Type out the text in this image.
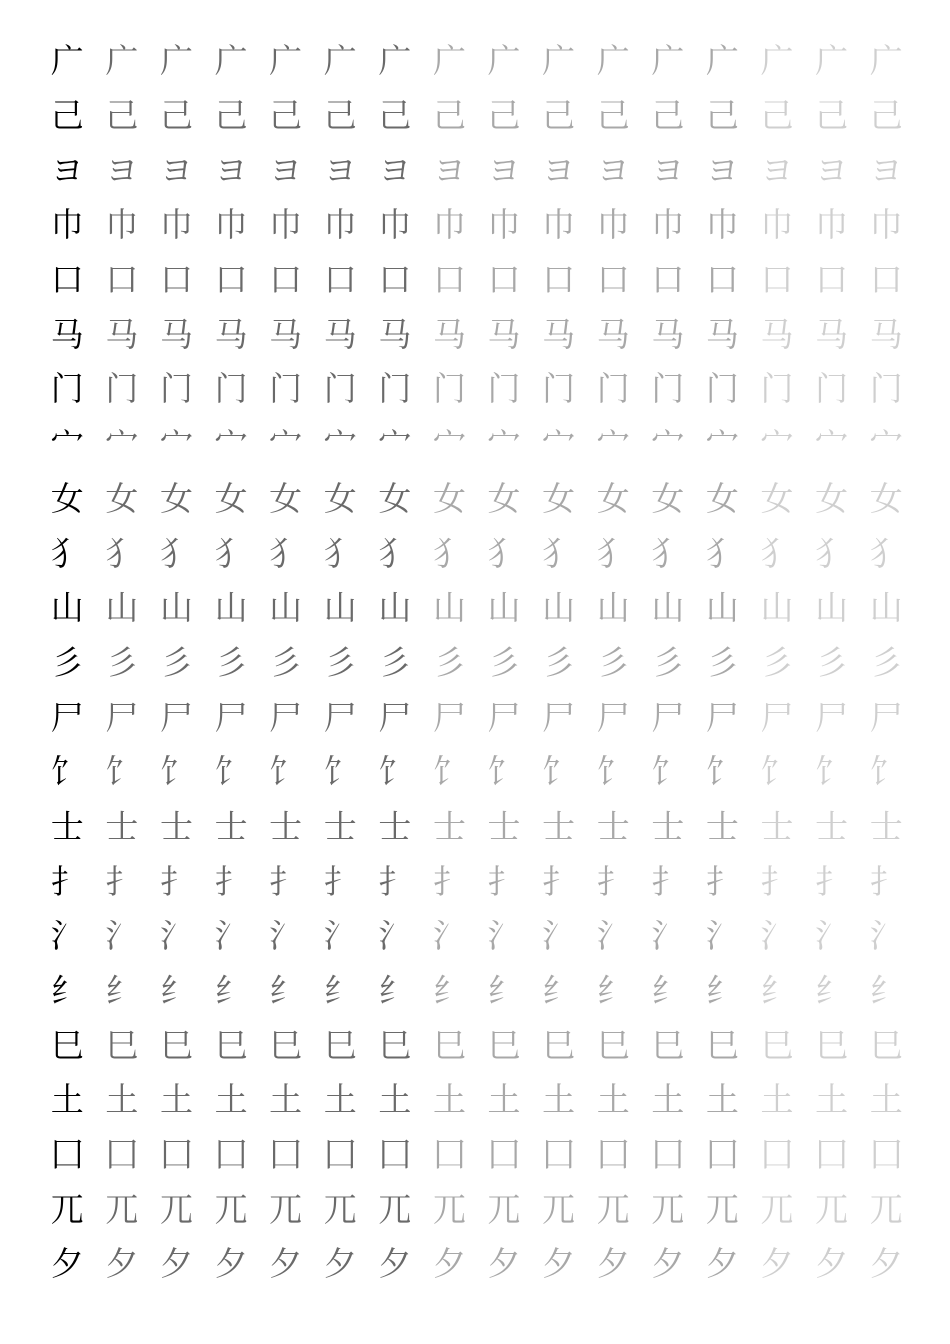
广 广 广 广 广 广 广 广 广 广 广 广 广 广 广 广
己 己 己 己 己 己 己 己 己 己 己 己 己 己 己 己
ヨ ヨ ヨ ヨ ヨ ヨ ヨ ヨ ヨ ヨ ヨ ヨ ヨ ヨ ヨ ヨ
巾 巾 巾 巾 巾 巾 巾 巾 巾 巾 巾 巾 巾 巾 巾 巾
口 口 口 口 口 口 口 口 口 口 口 口 口 口 口 口
马 马 马 马 马 马 马 马 马 马 马 马 马 马 马 马
门 门 门 门 门 门 门 门 门 门 门 门 门 门 门 门
宀 宀 宀 宀 宀 宀 宀 宀 宀 宀 宀 宀 宀 宀 宀 宀
女 女 女 女 女 女 女 女 女 女 女 女 女 女 女 女
犭 犭 犭 犭 犭 犭 犭 犭 犭 犭 犭 犭 犭 犭 犭 犭
山 山 山 山 山 山 山 山 山 山 山 山 山 山 山 山
彡 彡 彡 彡 彡 彡 彡 彡 彡 彡 彡 彡 彡 彡 彡 彡
尸 尸 尸 尸 尸 尸 尸 尸 尸 尸 尸 尸 尸 尸 尸 尸
饣 饣 饣 饣 饣 饣 饣 饣 饣 饣 饣 饣 饣 饣 饣 饣
士 士 士 士 士 士 士 士 士 士 士 士 士 士 士 士
扌 扌 扌 扌 扌 扌 扌 扌 扌 扌 扌 扌 扌 扌 扌 扌
氵 氵 氵 氵 氵 氵 氵 氵 氵 氵 氵 氵 氵 氵 氵 氵
纟 纟 纟 纟 纟 纟 纟 纟 纟 纟 纟 纟 纟 纟 纟 纟
巳 巳 巳 巳 巳 巳 巳 巳 巳 巳 巳 巳 巳 巳 巳 巳
土 土 土 土 土 土 土 土 土 土 土 土 土 土 土 土
囗 囗 囗 囗 囗 囗 囗 囗 囗 囗 囗 囗 囗 囗 囗 囗
兀 兀 兀 兀 兀 兀 兀 兀 兀 兀 兀 兀 兀 兀 兀 兀
夕 夕 夕 夕 夕 夕 夕 夕 夕 夕 夕 夕 夕 夕 夕 夕
